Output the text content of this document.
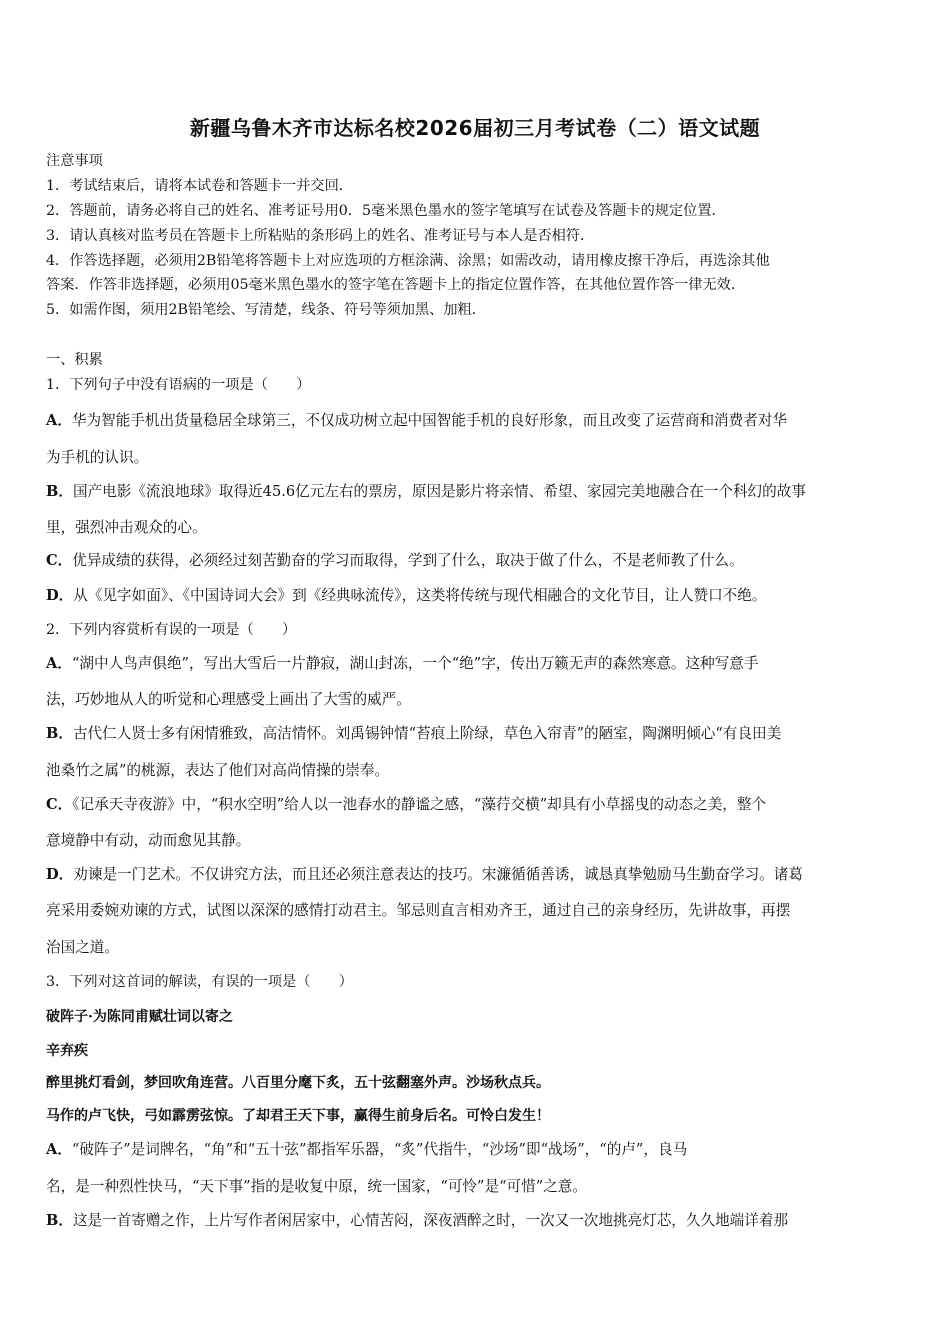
新疆乌鲁木齐市达标名校2026届初三月考试卷（二）语文试题
注意事项
1．考试结束后，请将本试卷和答题卡一并交回．
2．答题前，请务必将自己的姓名、准考证号用0．5毫米黑色墨水的签字笔填写在试卷及答题卡的规定位置．
3．请认真核对监考员在答题卡上所粘贴的条形码上的姓名、准考证号与本人是否相符．
4．作答选择题，必须用2B铅笔将答题卡上对应选项的方框涂满、涂黑；如需改动，请用橡皮擦干净后，再选涂其他
答案．作答非选择题，必须用05毫米黑色墨水的签字笔在答题卡上的指定位置作答，在其他位置作答一律无效．
5．如需作图，须用2B铅笔绘、写清楚，线条、符号等须加黑、加粗．
一、积累
1．下列句子中没有语病的一项是（　　）
A．华为智能手机出货量稳居全球第三，不仅成功树立起中国智能手机的良好形象，而且改变了运营商和消费者对华
为手机的认识。
B．国产电影《流浪地球》取得近45.6亿元左右的票房，原因是影片将亲情、希望、家园完美地融合在一个科幻的故事
里，强烈冲击观众的心。
C．优异成绩的获得，必须经过刻苦勤奋的学习而取得，学到了什么，取决于做了什么，不是老师教了什么。
D．从《见字如面》、《中国诗词大会》到《经典咏流传》，这类将传统与现代相融合的文化节目，让人赞口不绝。
2．下列内容赏析有误的一项是（　　）
A．“湖中人鸟声俱绝”，写出大雪后一片静寂，湖山封冻，一个“绝”字，传出万籁无声的森然寒意。这种写意手
法，巧妙地从人的听觉和心理感受上画出了大雪的威严。
B．古代仁人贤士多有闲情雅致，高洁情怀。刘禹锡钟情“苔痕上阶绿，草色入帘青”的陋室，陶渊明倾心“有良田美
池桑竹之属”的桃源，表达了他们对高尚情操的崇奉。
C．《记承天寺夜游》中，“积水空明”给人以一池春水的静谧之感，“藻荇交横”却具有小草摇曳的动态之美，整个
意境静中有动，动而愈见其静。
D．劝谏是一门艺术。不仅讲究方法，而且还必须注意表达的技巧。宋濂循循善诱，诚恳真挚勉励马生勤奋学习。诸葛
亮采用委婉劝谏的方式，试图以深深的感情打动君主。邹忌则直言相劝齐王，通过自己的亲身经历，先讲故事，再摆
治国之道。
3．下列对这首词的解读，有误的一项是（　　）
破阵子·为陈同甫赋壮词以寄之
辛弃疾
醉里挑灯看剑，梦回吹角连营。八百里分麾下炙，五十弦翻塞外声。沙场秋点兵。
马作的卢飞快，弓如霹雳弦惊。了却君王天下事，赢得生前身后名。可怜白发生！
A．“破阵子”是词牌名，“角”和“五十弦”都指军乐器，“炙”代指牛，“沙场”即“战场”，“的卢”，良马
名，是一种烈性快马，“天下事”指的是收复中原，统一国家，“可怜”是“可惜”之意。
B．这是一首寄赠之作，上片写作者闲居家中，心情苦闷，深夜酒醉之时，一次又一次地挑亮灯芯，久久地端详着那
